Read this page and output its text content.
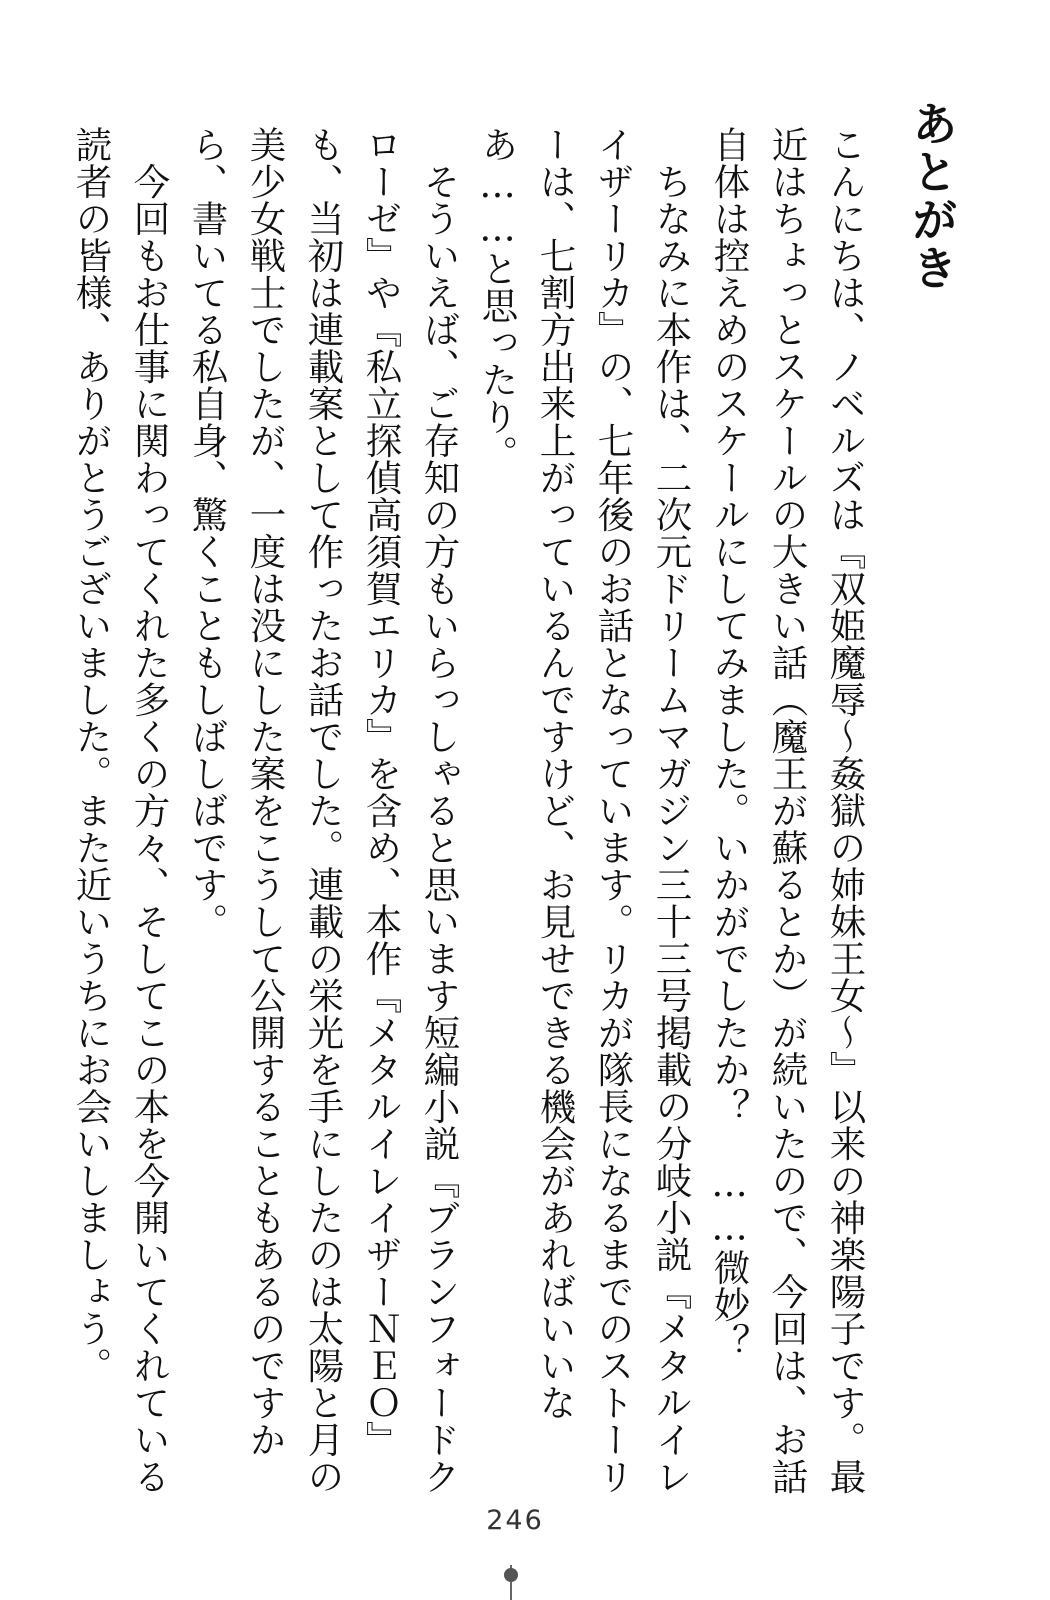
あとがき

こんにちは、ノベルズは『双姫魔辱～姦獄の姉妹王女～』以来の神楽陽子です。最近はちょっとスケールの大きい話（魔王が蘇るとか）が続いたので、今回は、お話自体は控えめのスケールにしてみました。いかがでしたか？　……微妙？

ちなみに本作は、二次元ドリームマガジン三十三号掲載の分岐小説『メタルイレイザーリカ』の、七年後のお話となっています。リカが隊長になるまでのストーリーは、七割方出来上がっているんですけど、お見せできる機会があればいいなあ……と思ったり。

そういえば、ご存知の方もいらっしゃると思います短編小説『ブランフォードクローゼ』や『私立探偵高須賀エリカ』を含め、本作『メタルイレイザーＮＥＯ』も、当初は連載案として作ったお話でした。連載の栄光を手にしたのは太陽と月の美少女戦士でしたが、一度は没にした案をこうして公開することもあるのですから、書いてる私自身、驚くこともしばしばです。

今回もお仕事に関わってくれた多くの方々、そしてこの本を今開いてくれている読者の皆様、ありがとうございました。また近いうちにお会いしましょう。

246
